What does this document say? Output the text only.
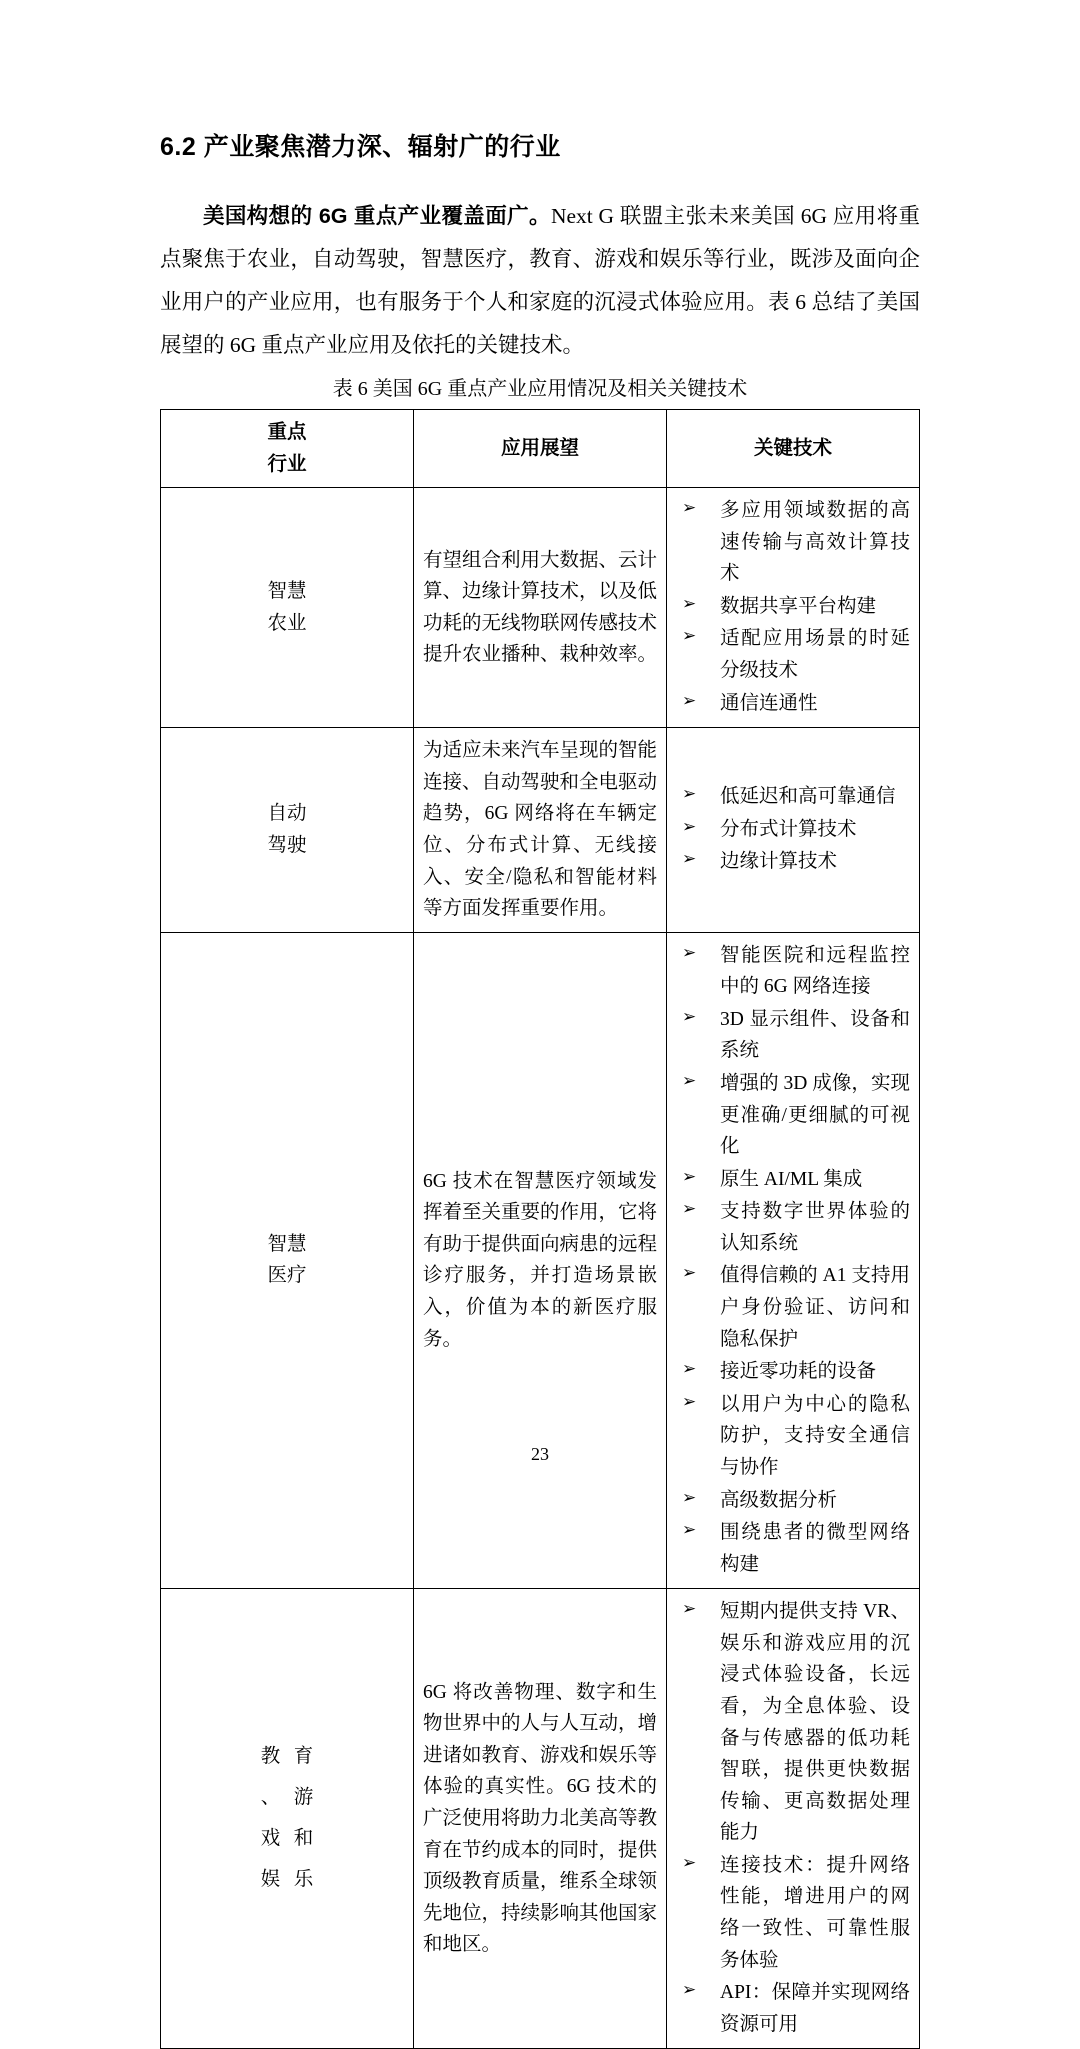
6.2 产业聚焦潜力深、辐射广的行业

美国构想的 6G 重点产业覆盖面广。Next G 联盟主张未来美国 6G 应用将重点聚焦于农业，自动驾驶，智慧医疗，教育、游戏和娱乐等行业，既涉及面向企业用户的产业应用，也有服务于个人和家庭的沉浸式体验应用。表 6 总结了美国展望的 6G 重点产业应用及依托的关键技术。

表 6 美国 6G 重点产业应用情况及相关关键技术
重点
行业	应用展望	关键技术

智慧
农业
	有望组合利用大数据、云计算、边缘计算技术，以及低功耗的无线物联网传感技术提升农业播种、栽种效率。	
➢ 多应用领域数据的高速传输与高效计算技术
➢ 数据共享平台构建
➢ 适配应用场景的时延分级技术
➢ 通信连通性

自动
驾驶
	为适应未来汽车呈现的智能连接、自动驾驶和全电驱动趋势，6G 网络将在车辆定位、分布式计算、无线接入、安全/隐私和智能材料等方面发挥重要作用。	
➢ 低延迟和高可靠通信
➢ 分布式计算技术
➢ 边缘计算技术

智慧
医疗
	6G 技术在智慧医疗领域发挥着至关重要的作用，它将有助于提供面向病患的远程诊疗服务，并打造场景嵌入，价值为本的新医疗服务。	
➢ 智能医院和远程监控中的 6G 网络连接
➢ 3D 显示组件、设备和系统
➢ 增强的 3D 成像，实现更准确/更细腻的可视化
➢ 原生 AI/ML 集成
➢ 支持数字世界体验的认知系统
➢ 值得信赖的 A1 支持用户身份验证、访问和隐私保护
➢ 接近零功耗的设备
➢ 以用户为中心的隐私防护，支持安全通信与协作
➢ 高级数据分析
➢ 围绕患者的微型网络构建

教 育
、 游
戏 和
娱 乐
	6G 将改善物理、数字和生物世界中的人与人互动，增进诸如教育、游戏和娱乐等体验的真实性。6G 技术的广泛使用将助力北美高等教育在节约成本的同时，提供顶级教育质量，维系全球领先地位，持续影响其他国家和地区。	
➢ 短期内提供支持 VR、娱乐和游戏应用的沉浸式体验设备，长远看，为全息体验、设备与传感器的低功耗智联，提供更快数据传输、更高数据处理能力
➢ 连接技术：提升网络性能，增进用户的网络一致性、可靠性服务体验
➢ API：保障并实现网络资源可用
23
